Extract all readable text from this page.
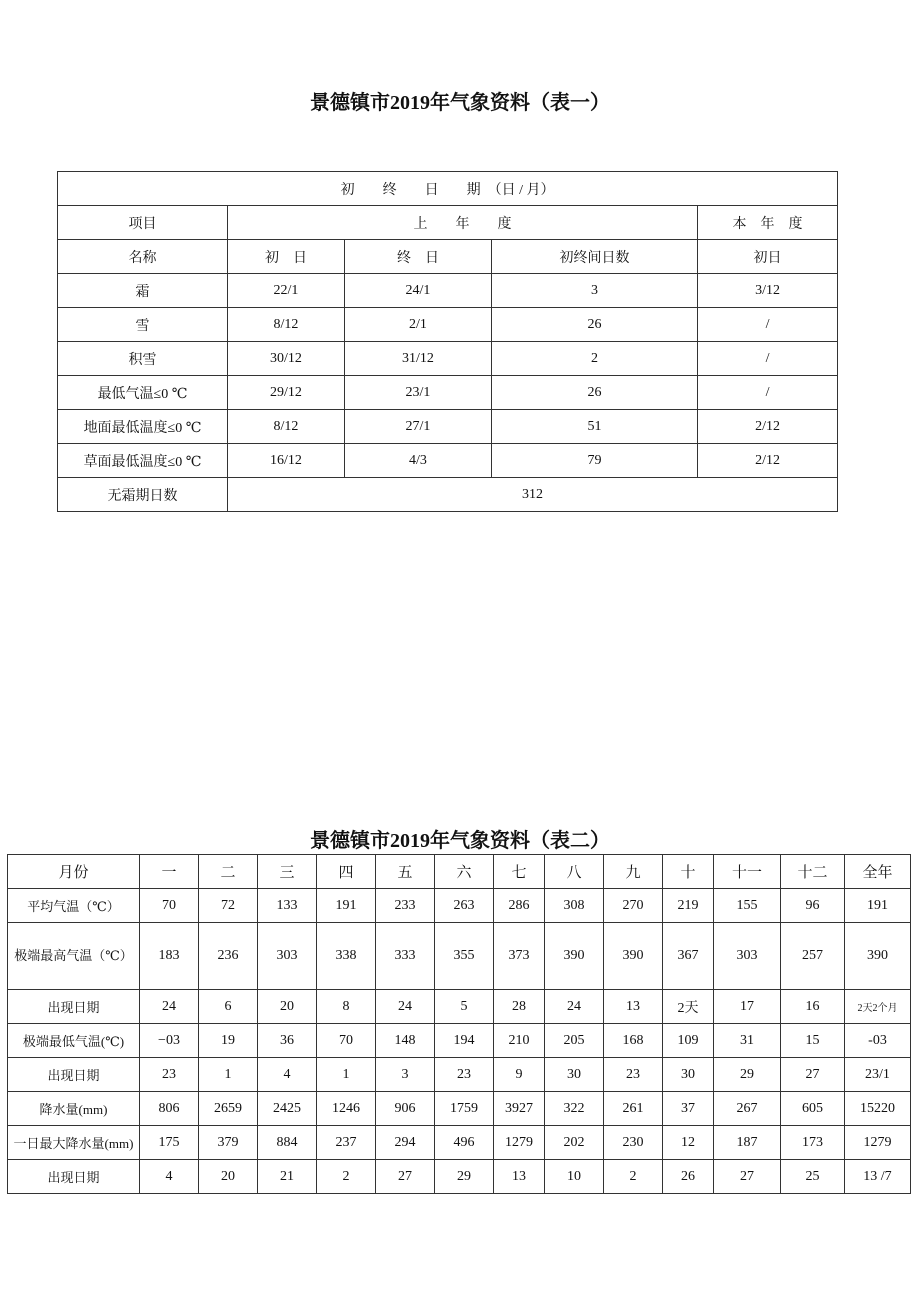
景德镇市2019年气象资料（表一）
初　　终　　日　　期　（日 / 月）				
项目	上　　年　　度			本　年　度
名称	初　日	终　日	初终间日数	初日
霜	22/1	24/1	3	3/12
雪	8/12	2/1	26	/
积雪	30/12	31/12	2	/
最低气温≤0 ℃	29/12	23/1	26	/
地面最低温度≤0 ℃	8/12	27/1	51	2/12
草面最低温度≤0 ℃	16/12	4/3	79	2/12
无霜期日数	312			
景德镇市2019年气象资料（表二）
月份	一	二	三	四	五	六	七	八	九	十	十一	十二	全年
平均气温（℃）	70	72	133	191	233	263	286	308	270	219	155	96	191
极端最高气温（℃）	183	236	303	338	333	355	373	390	390	367	303	257	390
出现日期	24	6	20	8	24	5	28	24	13	2天	17	16	2天2个月
极端最低气温(℃)	−03	19	36	70	148	194	210	205	168	109	31	15	-03
出现日期	23	1	4	1	3	23	9	30	23	30	29	27	23/1
降水量(mm)	806	2659	2425	1246	906	1759	3927	322	261	37	267	605	15220
一日最大降水量(mm)	175	379	884	237	294	496	1279	202	230	12	187	173	1279
出现日期	4	20	21	2	27	29	13	10	2	26	27	25	13 /7
